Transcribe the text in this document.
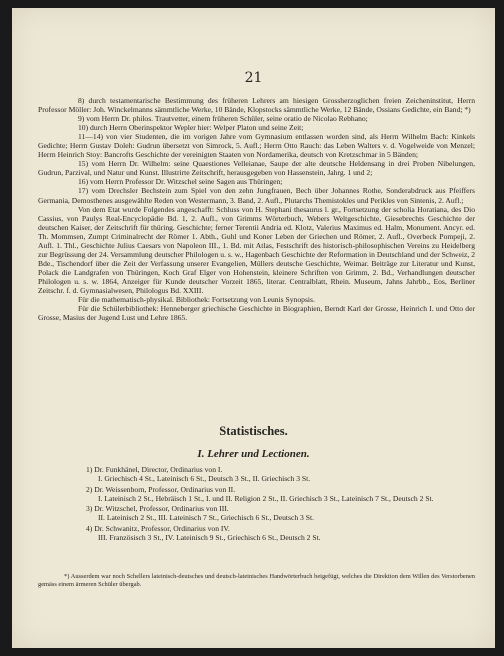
21

8) durch testamentarische Bestimmung des früheren Lehrers am hiesigen Grossherzoglichen freien Zeicheninstitut, Herrn Professor Möller: Joh. Winckelmanns sämmtliche Werke, 10 Bände, Klopstocks sämmtliche Werke, 12 Bände, Ossians Gedichte, ein Band; *)

9) vom Herrn Dr. philos. Trautvetter, einem früheren Schüler, seine oratio de Nicolao Rebhano;

10) durch Herrn Oberinspektor Wepler hier: Welper Platon und seine Zeit;

11—14) von vier Studenten, die im vorigen Jahre vom Gymnasium entlassen worden sind, als Herrn Wilhelm Bach: Kinkels Gedichte; Herrn Gustav Doleh: Gudrun übersetzt von Simrock, 5. Aufl.; Herrn Otto Rauch: das Leben Walters v. d. Vogelweide von Menzel; Herrn Heinrich Stoy: Bancrofts Geschichte der vereinigten Staaten von Nordamerika, deutsch von Kretzschmar in 5 Bänden;

15) vom Herrn Dr. Wilhelm: seine Quaestiones Velleianae, Saupe der alte deutsche Heldensang in drei Proben Nibelungen, Gudrun, Parzival, und Natur und Kunst. Illustrirte Zeitschrift, herausgegeben von Hassenstein, Jahrg. 1 und 2;

16) vom Herrn Professor Dr. Witzschel seine Sagen aus Thüringen;

17) vom Drechsler Bechstein zum Spiel von den zehn Jungfrauen, Bech über Johannes Rothe, Sonderabdruck aus Pfeiffers Germania, Demosthenes ausgewählte Reden von Westermann, 3. Band, 2. Aufl., Plutarchs Themistokles und Perikles von Sintenis, 2. Aufl.;

Von dem Etat wurde Folgendes angeschafft: Schluss von H. Stephani thesaurus l. gr., Fortsetzung der scholia Horatiana, des Dio Cassius, von Paulys Real-Encyclopädie Bd. 1, 2. Aufl., von Grimms Wörterbuch, Webers Weltgeschichte, Giesebrechts Geschichte der deutschen Kaiser, der Zeitschrift für thüring. Geschichte; ferner Terentii Andria ed. Klotz, Valerius Maximus ed. Halm, Monument. Ancyr. ed. Th. Mommsen, Zumpt Criminalrecht der Römer 1. Abth., Guhl und Koner Leben der Griechen und Römer, 2. Aufl., Overbeck Pompeji, 2. Aufl. 1. Thl., Geschichte Julius Caesars von Napoleon III., 1. Bd. mit Atlas, Festschrift des historisch-philosophischen Vereins zu Heidelberg zur Begrüssung der 24. Versammlung deutscher Philologen u. s. w., Hagenbach Geschichte der Reformation in Deutschland und der Schweiz, 2 Bde., Tischendorf über die Zeit der Verfassung unserer Evangelien, Müllers deutsche Geschichte, Weimar. Beiträge zur Literatur und Kunst, Polack die Landgrafen von Thüringen, Koch Graf Elger von Hohenstein, kleinere Schriften von Grimm, 2. Bd., Verhandlungen deutscher Philologen u. s. w. 1864, Anzeiger für Kunde deutscher Vorzeit 1865, literar. Centralblatt, Rhein. Museum, Jahns Jahrbb., Eos, Berliner Zeitschr. f. d. Gymnasialwesen, Philologus Bd. XXIII.

Für die mathematisch-physikal. Bibliothek: Fortsetzung von Leunis Synopsis.

Für die Schülerbibliothek: Henneberger griechische Geschichte in Biographien, Berndt Karl der Grosse, Heinrich I. und Otto der Grosse, Masius der Jugend Lust und Lehre 1865.

Statistisches.
I. Lehrer und Lectionen.
1) Dr. Funkhänel, Director, Ordinarius von I.
I. Griechisch 4 St., Lateinisch 6 St., Deutsch 3 St., II. Griechisch 3 St.
2) Dr. Weissenborn, Professor, Ordinarius von II.
I. Lateinisch 2 St., Hebräisch 1 St., I. und II. Religion 2 St., II. Griechisch 3 St., Lateinisch 7 St., Deutsch 2 St.
3) Dr. Witzschel, Professor, Ordinarius von III.
II. Lateinisch 2 St., III. Lateinisch 7 St., Griechisch 6 St., Deutsch 3 St.
4) Dr. Schwanitz, Professor, Ordinarius von IV.
III. Französisch 3 St., IV. Lateinisch 9 St., Griechisch 6 St., Deutsch 2 St.
*) Ausserdem war noch Schellers lateinisch-deutsches und deutsch-lateinisches Handwörterbuch beigefügt, welches die Direktion dem Willen des Verstorbenen gemäss einem ärmeren Schüler übergab.
